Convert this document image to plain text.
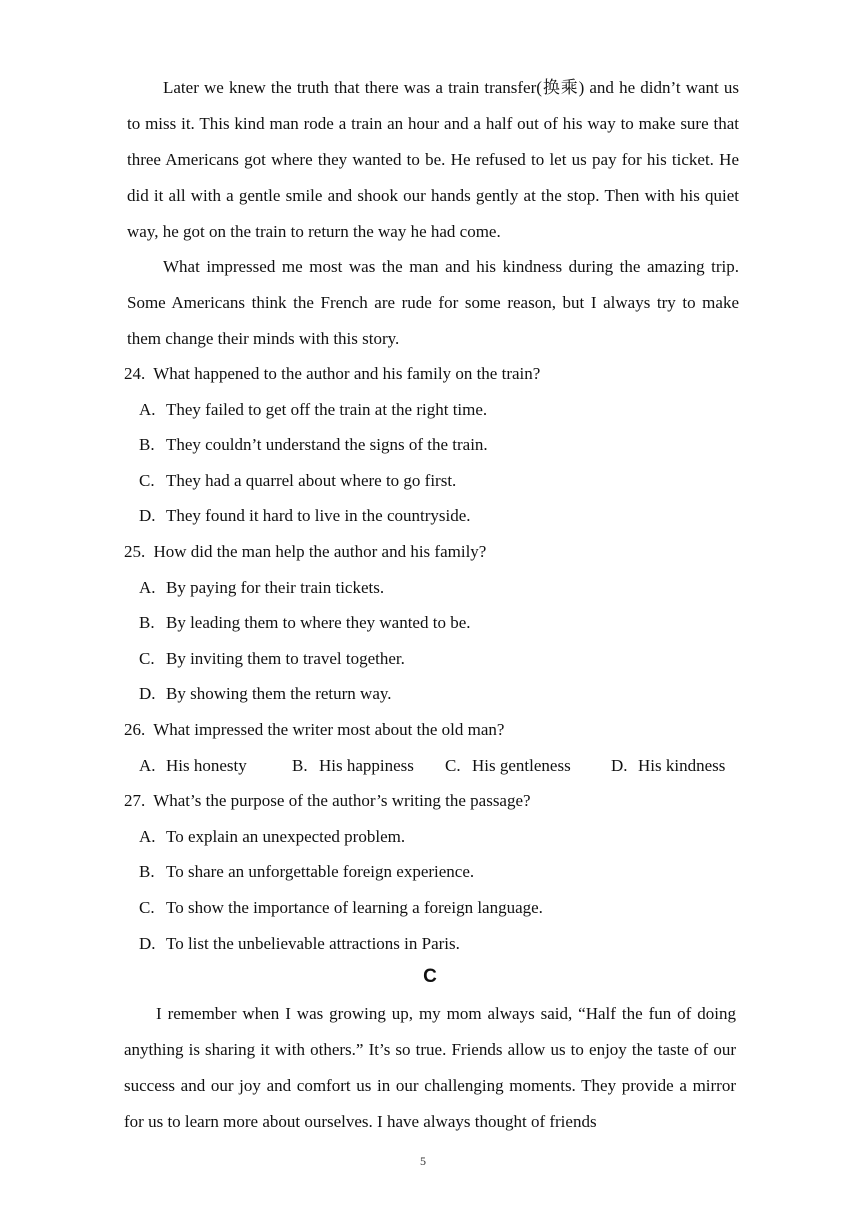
Later we knew the truth that there was a train transfer(换乘) and he didn’t want us to miss it. This kind man rode a train an hour and a half out of his way to make sure that three Americans got where they wanted to be. He refused to let us pay for his ticket. He did it all with a gentle smile and shook our hands gently at the stop. Then with his quiet way, he got on the train to return the way he had come.

What impressed me most was the man and his kindness during the amazing trip. Some Americans think the French are rude for some reason, but I always try to make them change their minds with this story.

24. What happened to the author and his family on the train?

A. They failed to get off the train at the right time.

B. They couldn’t understand the signs of the train.

C. They had a quarrel about where to go first.

D. They found it hard to live in the countryside.

25. How did the man help the author and his family?

A. By paying for their train tickets.

B. By leading them to where they wanted to be.

C. By inviting them to travel together.

D. By showing them the return way.

26. What impressed the writer most about the old man?

A. His honesty	B. His happiness	C. His gentleness	D. His kindness

27. What’s the purpose of the author’s writing the passage?

A. To explain an unexpected problem.

B. To share an unforgettable foreign experience.

C. To show the importance of learning a foreign language.

D. To list the unbelievable attractions in Paris.

C

I remember when I was growing up, my mom always said, “Half the fun of doing anything is sharing it with others.” It’s so true. Friends allow us to enjoy the taste of our success and our joy and comfort us in our challenging moments. They provide a mirror for us to learn more about ourselves. I have always thought of friends

5
